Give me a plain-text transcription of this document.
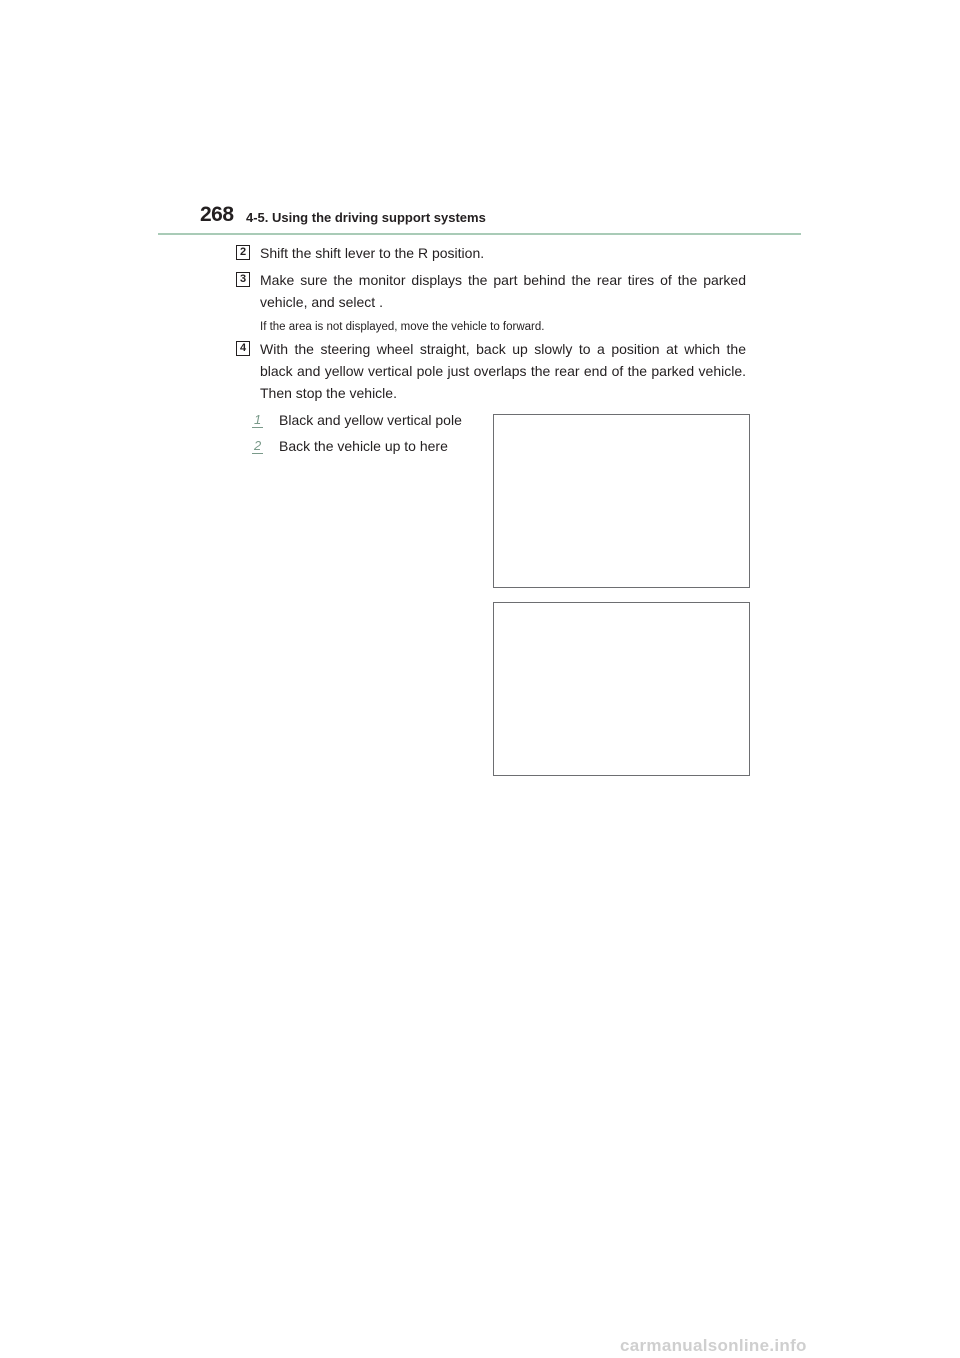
268 4-5. Using the driving support systems
2 Shift the shift lever to the R position.
3 Make sure the monitor displays the part behind the rear tires of the parked vehicle, and select .
If the area is not displayed, move the vehicle to forward.
4 With the steering wheel straight, back up slowly to a position at which the black and yellow vertical pole just overlaps the rear end of the parked vehicle. Then stop the vehicle.
1 Black and yellow vertical pole
2 Back the vehicle up to here
carmanualsonline.info
